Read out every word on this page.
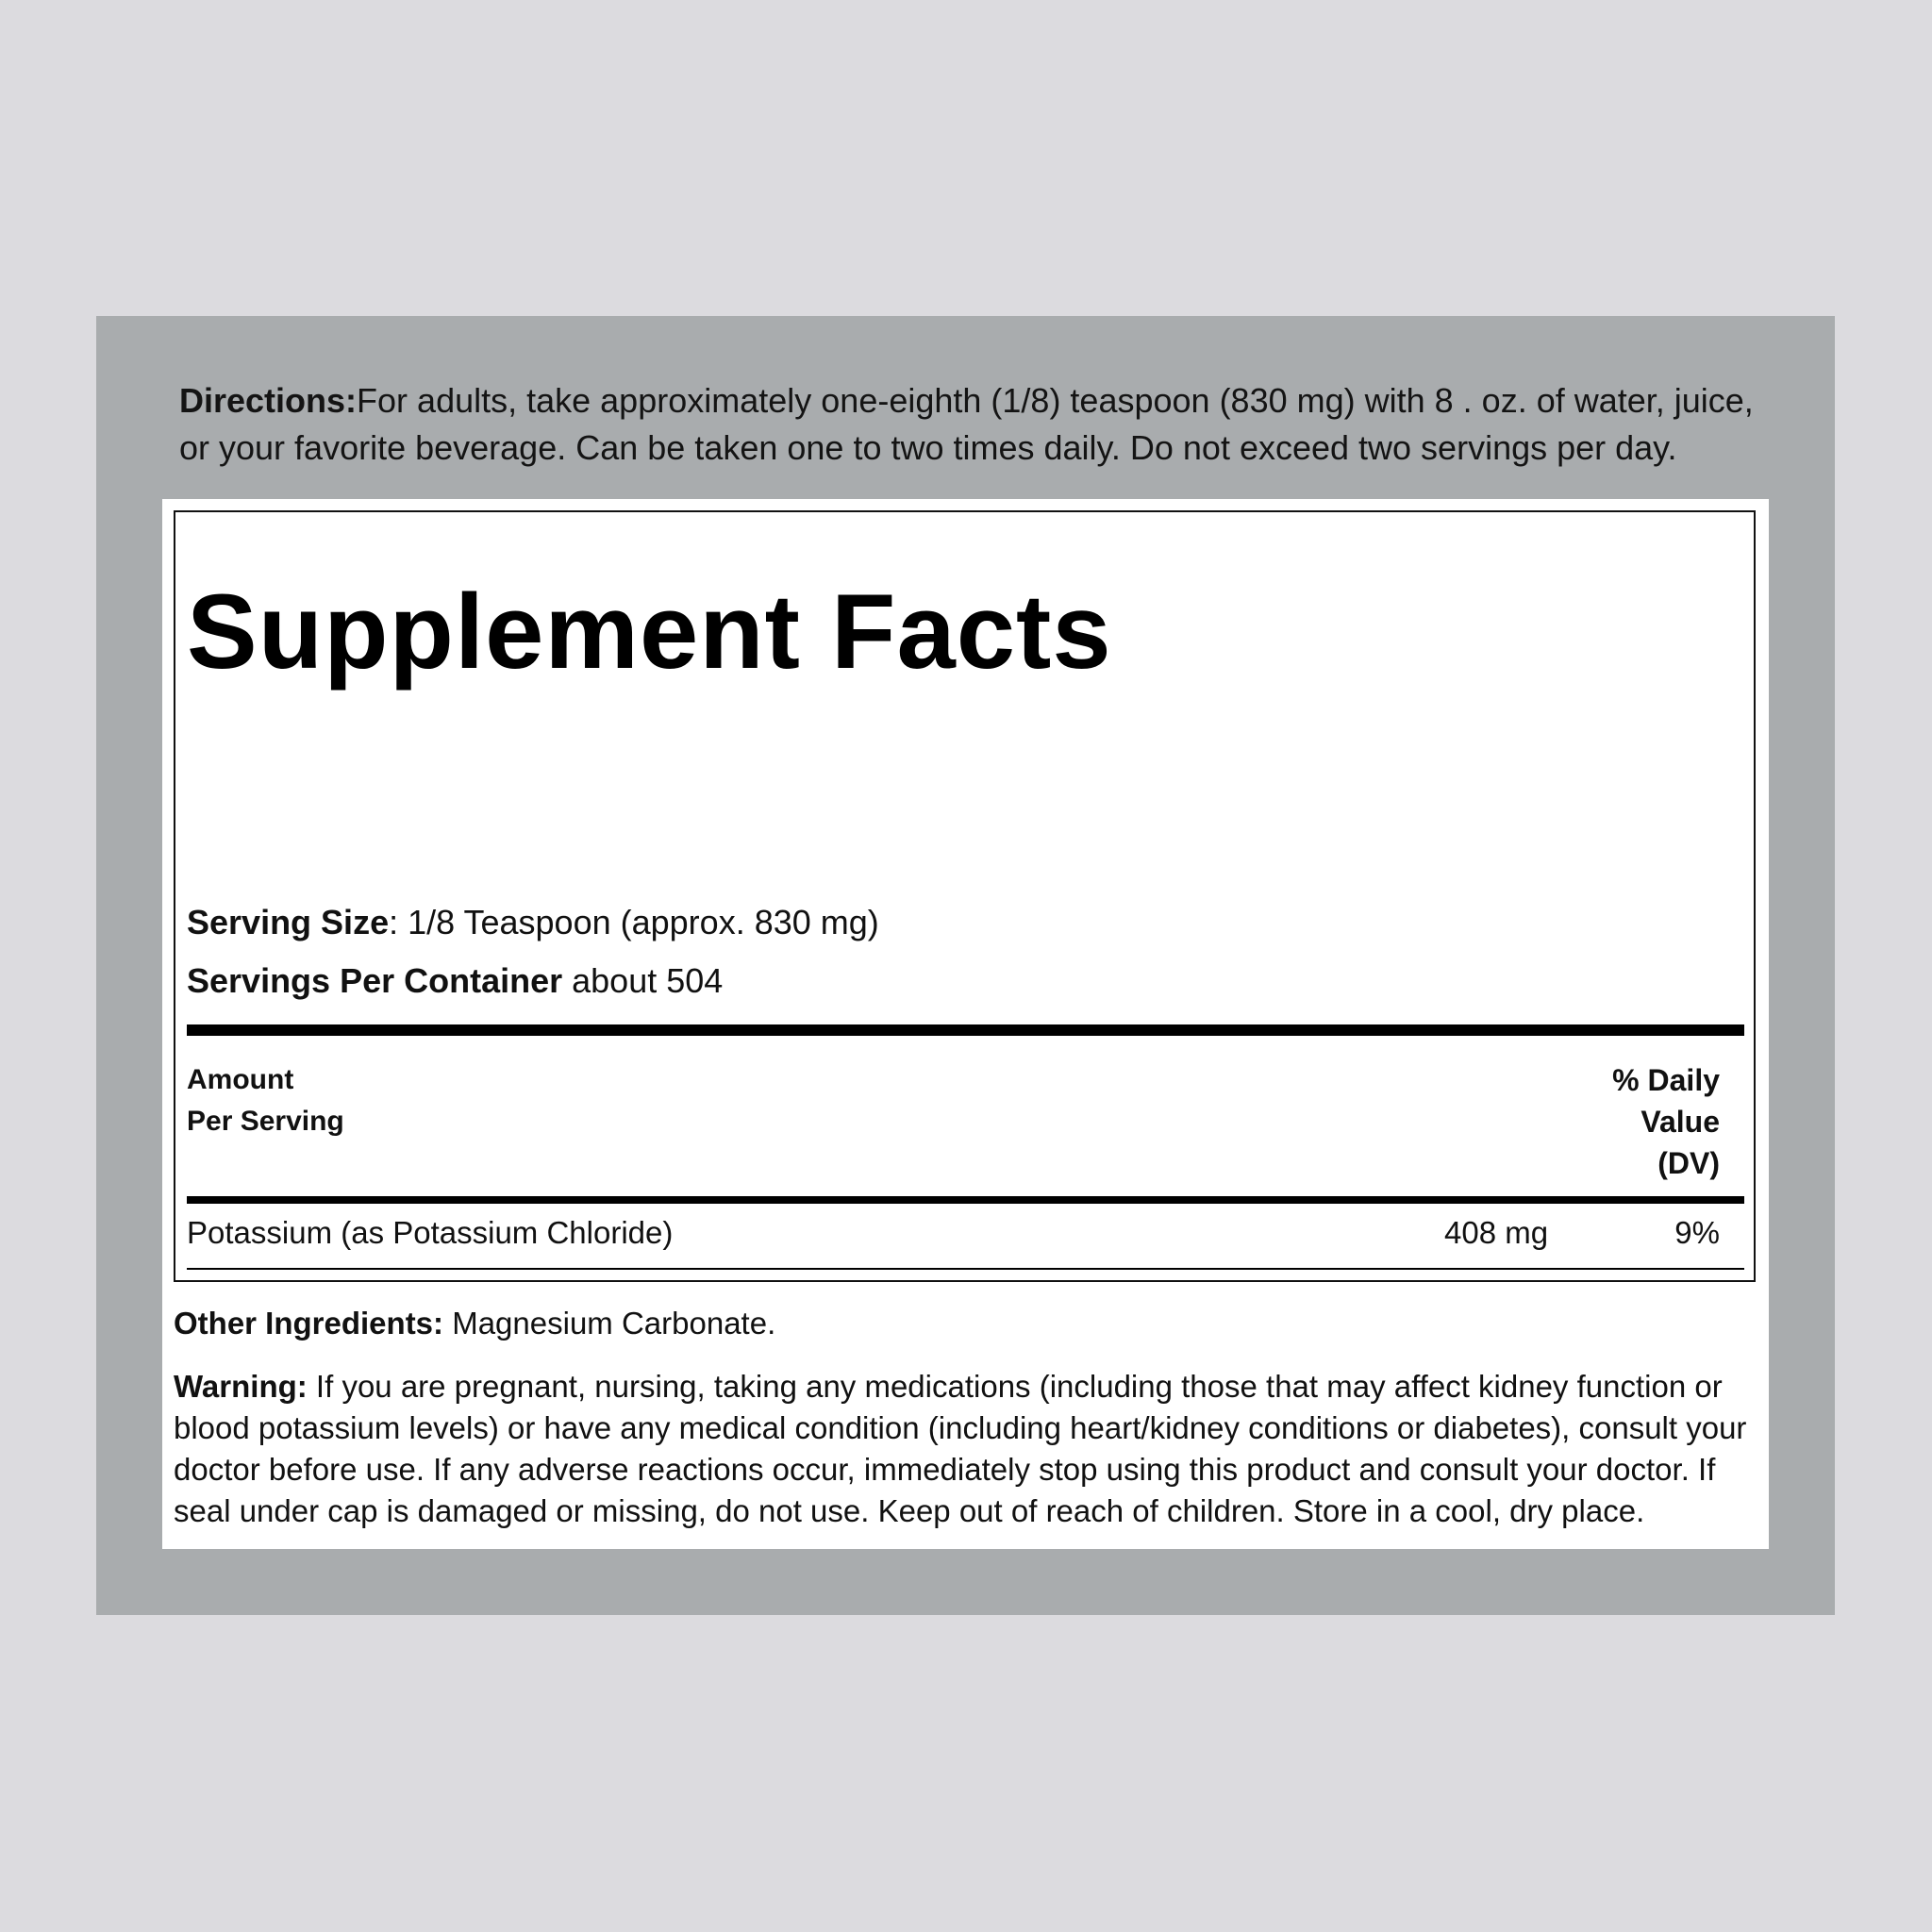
Directions:For adults, take approximately one-eighth (1/8) teaspoon (830 mg) with 8 . oz. of water, juice, or your favorite beverage. Can be taken one to two times daily. Do not exceed two servings per day.
Supplement Facts
Serving Size: 1/8 Teaspoon (approx. 830 mg)
Servings Per Container about 504
Amount
Per Serving
% Daily Value (DV)
Potassium (as Potassium Chloride)	408 mg	9%
Other Ingredients: Magnesium Carbonate.
Warning: If you are pregnant, nursing, taking any medications (including those that may affect kidney function or blood potassium levels) or have any medical condition (including heart/kidney conditions or diabetes), consult your doctor before use. If any adverse reactions occur, immediately stop using this product and consult your doctor. If seal under cap is damaged or missing, do not use. Keep out of reach of children. Store in a cool, dry place.
